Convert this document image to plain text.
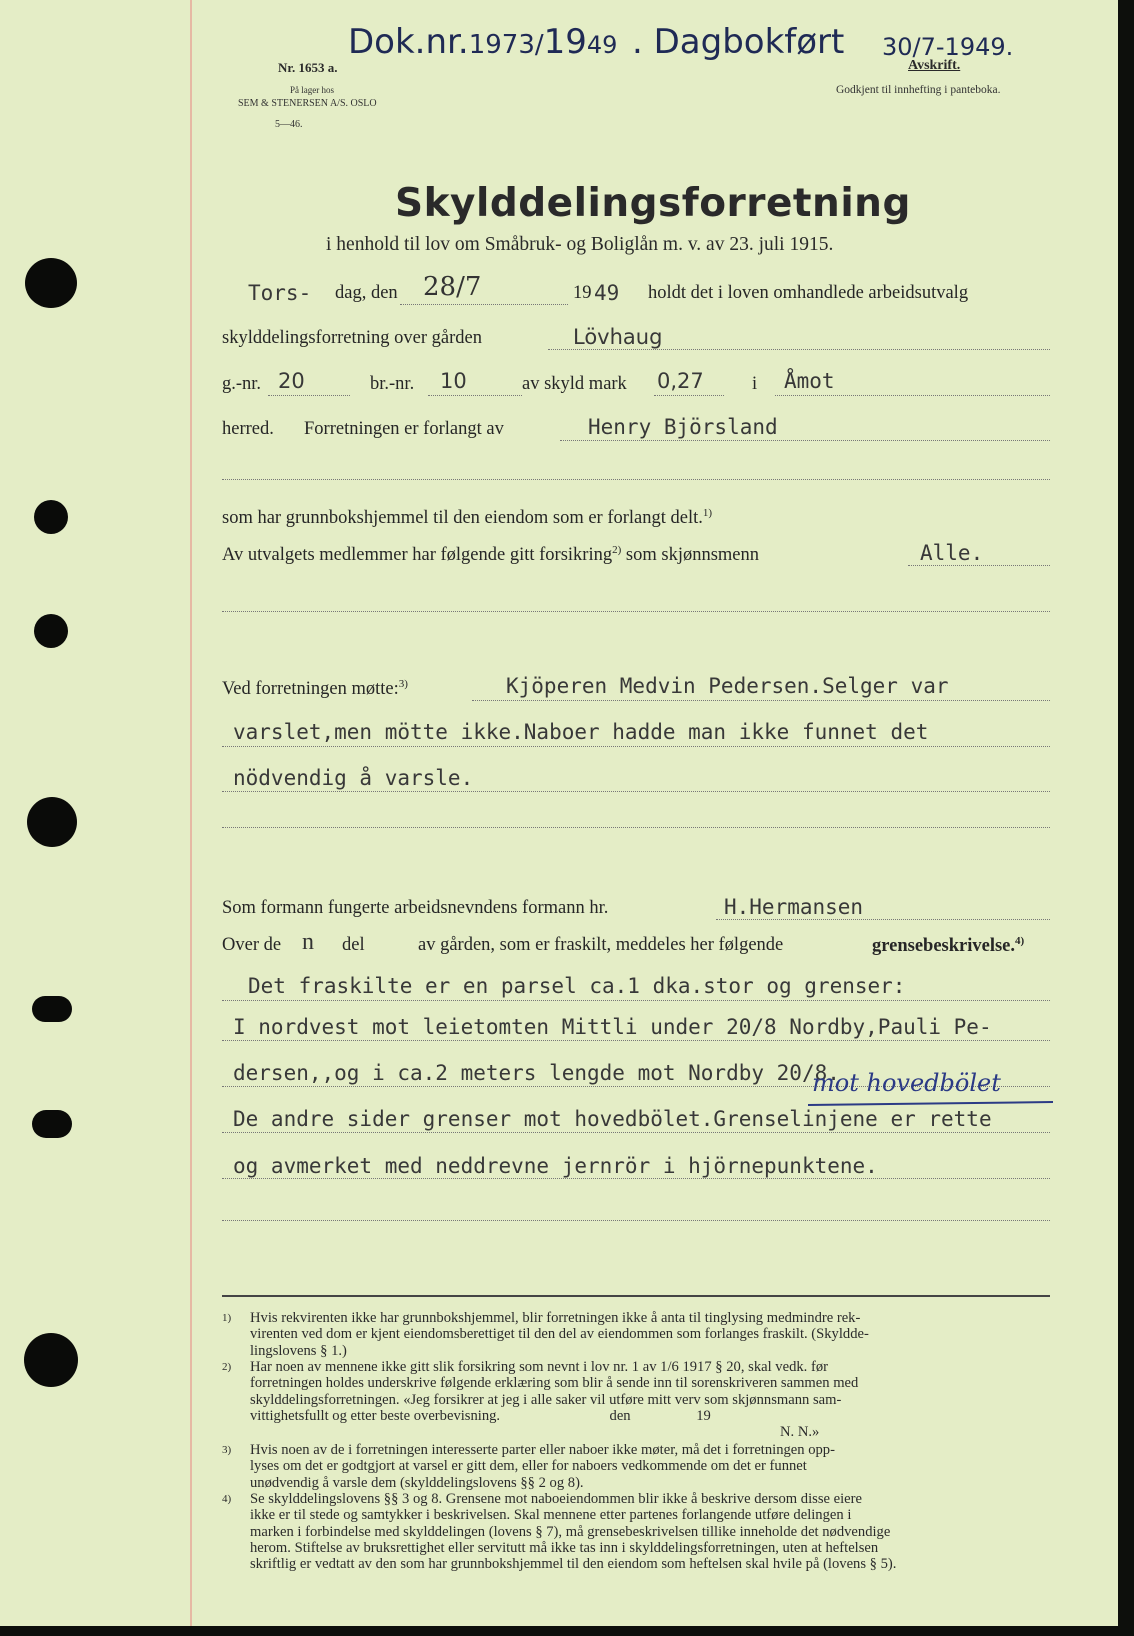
Dok.nr.1973/1949 . Dagbokført 30/7-1949.
Nr. 1653 a.
På lager hos
SEM & STENERSEN A/S. OSLO
5—46.
Avskrift.
Godkjent til innhefting i panteboka.
Skylddelingsforretning
i henhold til lov om Småbruk- og Boliglån m. v. av 23. juli 1915.
Tors- dag, den 28/7	19 49 holdt det i loven omhandlede arbeidsutvalg
skylddelingsforretning over gården	Lövhaug
g.-nr. 20	br.-nr. 10	av skyld mark 0,27	i Åmot
herred. Forretningen er forlangt av	Henry Björsland
som har grunnbokshjemmel til den eiendom som er forlangt delt.$^{1)}$
Av utvalgets medlemmer har følgende gitt forsikring$^{2)}$ som skjønnsmenn	Alle.
Ved forretningen møtte:$^{3)}$	Kjöperen Medvin Pedersen.Selger var
varslet,men mötte ikke.Naboer hadde man ikke funnet det
nödvendig å varsle.
Som formann fungerte arbeidsnevndens formann hr.	H.Hermansen
Over de n del	av gården, som er fraskilt, meddeles her følgende	grensebeskrivelse.$^{4)}$
Det fraskilte er en parsel ca.1 dka.stor og grenser:
I nordvest mot leietomten Mittli under 20/8 Nordby,Pauli Pe-
dersen,,og i ca.2 meters lengde mot Nordby 20/8.
mot hovedbölet
De andre sider grenser mot hovedbölet.Grenselinjene er rette
og avmerket med neddrevne jernrör i hjörnepunktene.
1) Hvis rekvirenten ikke har grunnbokshjemmel, blir forretningen ikke å anta til tinglysing medmindre rek-
virenten ved dom er kjent eiendomsberettiget til den del av eiendommen som forlanges fraskilt. (Skyldde-
lingslovens § 1.)
2) Har noen av mennene ikke gitt slik forsikring som nevnt i lov nr. 1 av 1/6 1917 § 20, skal vedk. før
forretningen holdes underskrive følgende erklæring som blir å sende inn til sorenskriveren sammen med
skylddelingsforretningen. «Jeg forsikrer at jeg i alle saker vil utføre mitt verv som skjønnsmann sam-
vittighetsfullt og etter beste overbevisning.                              den                  19
N. N.»
3) Hvis noen av de i forretningen interesserte parter eller naboer ikke møter, må det i forretningen opp-
lyses om det er godtgjort at varsel er gitt dem, eller for naboers vedkommende om det er funnet
unødvendig å varsle dem (skylddelingslovens §§ 2 og 8).
4) Se skylddelingslovens §§ 3 og 8. Grensene mot naboeiendommen blir ikke å beskrive dersom disse eiere
ikke er til stede og samtykker i beskrivelsen. Skal mennene etter partenes forlangende utføre delingen i
marken i forbindelse med skylddelingen (lovens § 7), må grensebeskrivelsen tillike inneholde det nødvendige
herom. Stiftelse av bruksrettighet eller servitutt må ikke tas inn i skylddelingsforretningen, uten at heftelsen
skriftlig er vedtatt av den som har grunnbokshjemmel til den eiendom som heftelsen skal hvile på (lovens § 5).
